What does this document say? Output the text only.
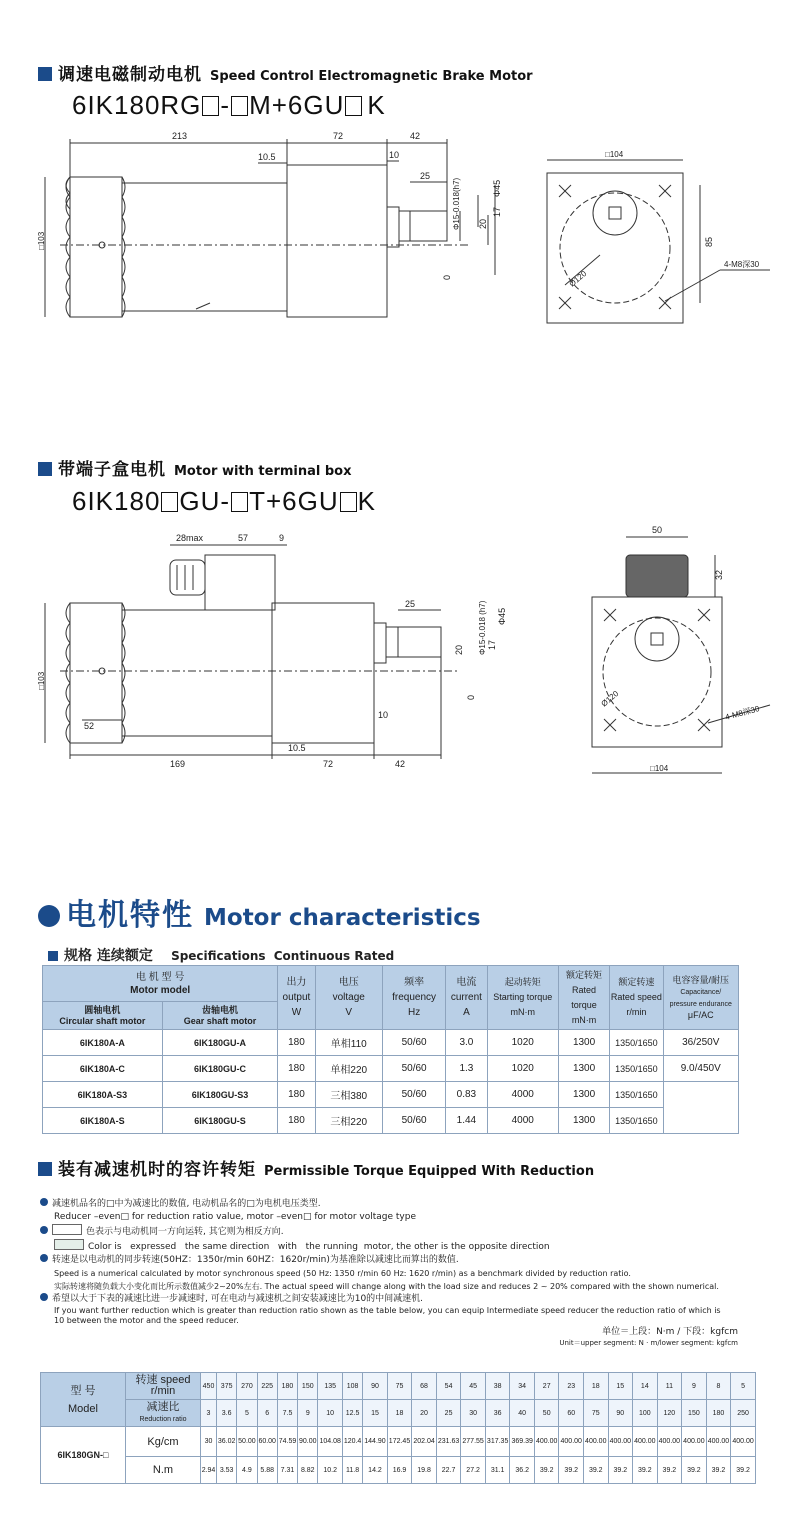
调速电磁制动电机 Speed Control Electromagnetic Brake Motor
6IK180RG - M+6GU K
213	72	42
10.5	10
25
□103
Φ15-0.018(h7)	17
Φ45
20
0
□104
85
Ø120
4-M8深30
带端子盒电机 Motor with terminal box
6IK180 GU- T+6GU K
28max	57	9
25	Φ15-0.018 (h7) 17
Φ45
20
□103
52
10
10.5
169	72	42
0
50
32
□104
Ø120
4-M8深30
电机特性 Motor characteristics
规格 连续额定 Specifications Continuous Rated
电 机 型 号
Motor model		出力
output
W	电压
voltage
V	频率
frequency
Hz	电流
current
A	起动转矩
Starting torque
mN·m	额定转矩
Rated torque
mN·m	额定转速
Rated speed
r/min	电容容量/耐压
Capacitance/
pressure endurance
μF/AC
圆轴电机
Circular shaft motor	齿轴电机
Gear shaft motor								
6IK180A-A	6IK180GU-A	180	单相110	50/60	3.0	1020	1300	1350/1650	36/250V
6IK180A-C	6IK180GU-C	180	单相220	50/60	1.3	1020	1300	1350/1650	9.0/450V
6IK180A-S3	6IK180GU-S3	180	三相380	50/60	0.83	4000	1300	1350/1650	
6IK180A-S	6IK180GU-S	180	三相220	50/60	1.44	4000	1300	1350/1650	
装有减速机时的容许转矩 Permissible Torque Equipped With Reduction
减速机品名的□中为减速比的数值, 电动机品名的□为电机电压类型.
Reducer –even□ for reduction ratio value, motor –even□ for motor voltage type
色表示与电动机同一方向运转, 其它则为相反方向.
Color is expressed the same direction with the running motor, the other is the opposite direction
转速是以电动机的同步转速(50HZ：1350r/min 60HZ：1620r/min)为基准除以减速比而算出的数值.
Speed is a numerical calculated by motor synchronous speed (50 Hz: 1350 r/min 60 Hz: 1620 r/min) as a benchmark divided by reduction ratio.
实际转速将随负载大小变化而比所示数值减少2~20%左右. The actual speed will change along with the load size and reduces 2 ~ 20% compared with the shown numerical.
希望以大于下表的减速比进一步减速时, 可在电动与减速机之间安装减速比为10的中间减速机.
If you want further reduction which is greater than reduction ratio shown as the table below, you can equip Intermediate speed reducer the reduction ratio of which is
10 between the motor and the speed reducer.
单位＝上段：N·m / 下段：kgfcm
Unit＝upper segment: N · m/lower segment: kgfcm
型 号
Model	转速 speed
r/min	450	375	270	225	180	150	135	108	90	75	68	54	45	38	34	27	23	18	15	14	11	9	8	5
	减速比
Reduction ratio	3	3.6	5	6	7.5	9	10	12.5	15	18	20	25	30	36	40	50	60	75	90	100	120	150	180	250
6IK180GN-□	Kg/cm	30	36.02	50.00	60.00	74.59	90.00	104.08	120.4	144.90	172.45	202.04	231.63	277.55	317.35	369.39	400.00	400.00	400.00	400.00	400.00	400.00	400.00	400.00	400.00
	N.m	2.94	3.53	4.9	5.88	7.31	8.82	10.2	11.8	14.2	16.9	19.8	22.7	27.2	31.1	36.2	39.2	39.2	39.2	39.2	39.2	39.2	39.2	39.2	39.2
